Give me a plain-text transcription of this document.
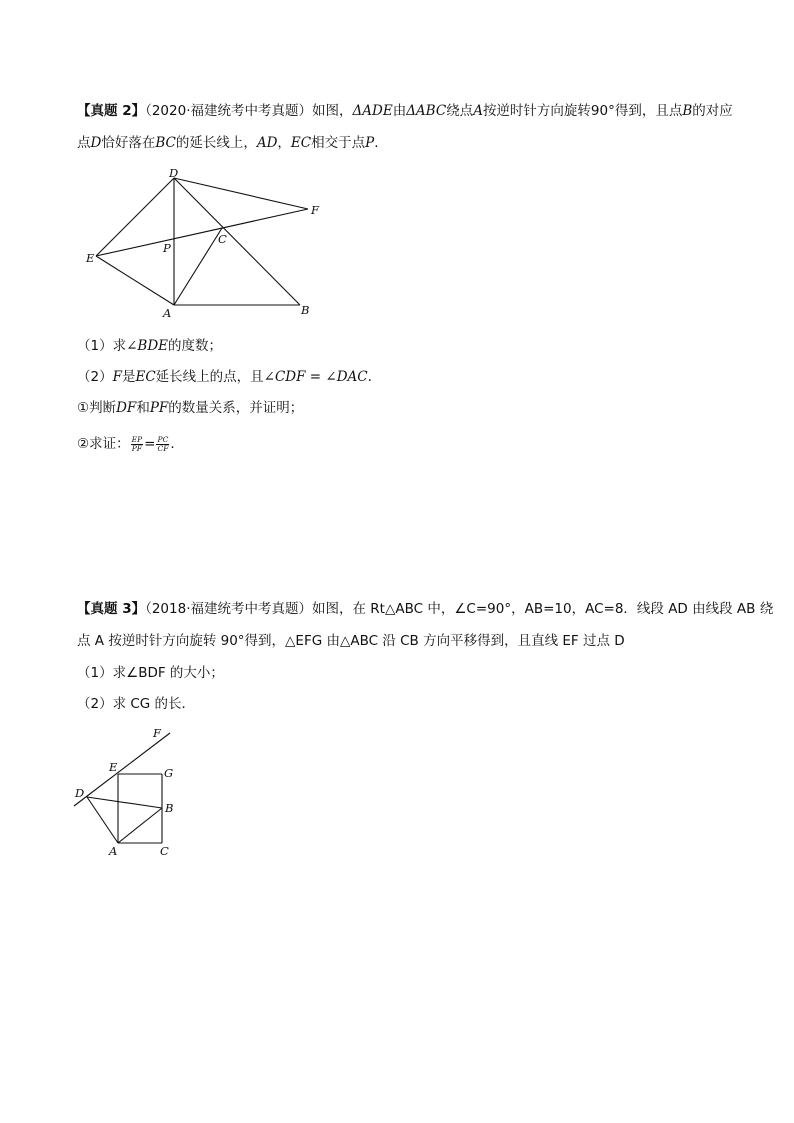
【真题 2】（2020·福建统考中考真题）如图，ΔADE由ΔABC绕点A按逆时针方向旋转90°得到，且点B的对应
点D恰好落在BC的延长线上，AD，EC相交于点P.
D
F
C
P
E
A	B
（1）求∠BDE的度数；
（2）F是EC延长线上的点，且∠CDF = ∠DAC.
①判断DF和PF的数量关系，并证明；
②求证： $\frac{EP}{PF} = \frac{PC}{CF}$ .
【真题 3】（2018·福建统考中考真题）如图，在 Rt△ABC 中，∠C=90°，AB=10，AC=8．线段 AD 由线段 AB 绕
点 A 按逆时针方向旋转 90°得到，△EFG 由△ABC 沿 CB 方向平移得到，且直线 EF 过点 D
（1）求∠BDF 的大小；
（2）求 CG 的长．
F
E	G
D
B
A	C
